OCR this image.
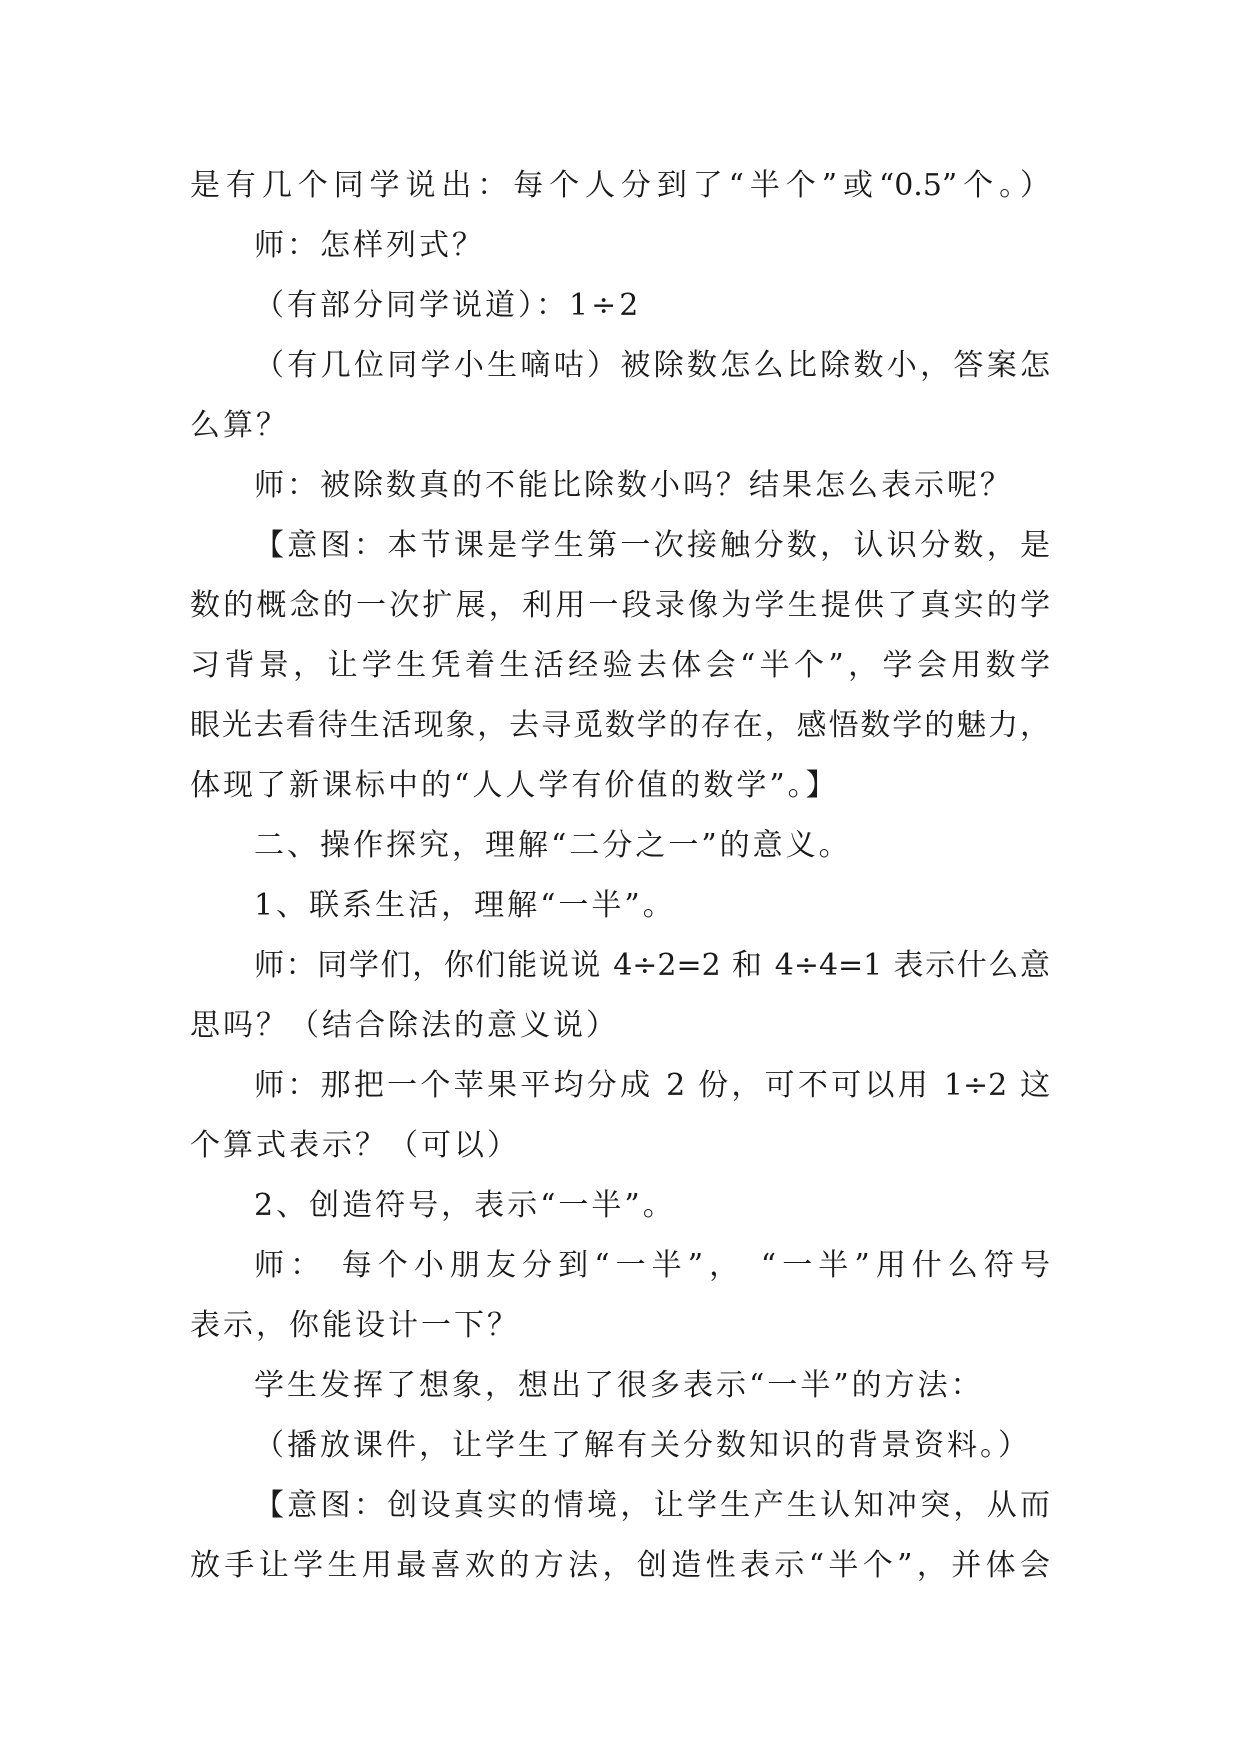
是有几个同学说出：每个人分到了“半个”或“0.5”个。）
师：怎样列式？
（有部分同学说道）：1÷2
（有几位同学小生嘀咕）被除数怎么比除数小，答案怎
么算？
师：被除数真的不能比除数小吗？结果怎么表示呢？
【意图：本节课是学生第一次接触分数，认识分数，是
数的概念的一次扩展，利用一段录像为学生提供了真实的学
习背景，让学生凭着生活经验去体会“半个”，学会用数学
眼光去看待生活现象，去寻觅数学的存在，感悟数学的魅力，
体现了新课标中的“人人学有价值的数学”。】
二、操作探究，理解“二分之一”的意义。
1、联系生活，理解“一半”。
师：同学们，你们能说说 4÷2=2 和 4÷4=1 表示什么意
思吗？（结合除法的意义说）
师：那把一个苹果平均分成 2 份，可不可以用 1÷2 这
个算式表示？（可以）
2、创造符号，表示“一半”。
师： 每个小朋友分到“一半”， “一半”用什么符号
表示，你能设计一下？
学生发挥了想象，想出了很多表示“一半”的方法：
（播放课件，让学生了解有关分数知识的背景资料。）
【意图：创设真实的情境，让学生产生认知冲突，从而
放手让学生用最喜欢的方法，创造性表示“半个”，并体会
